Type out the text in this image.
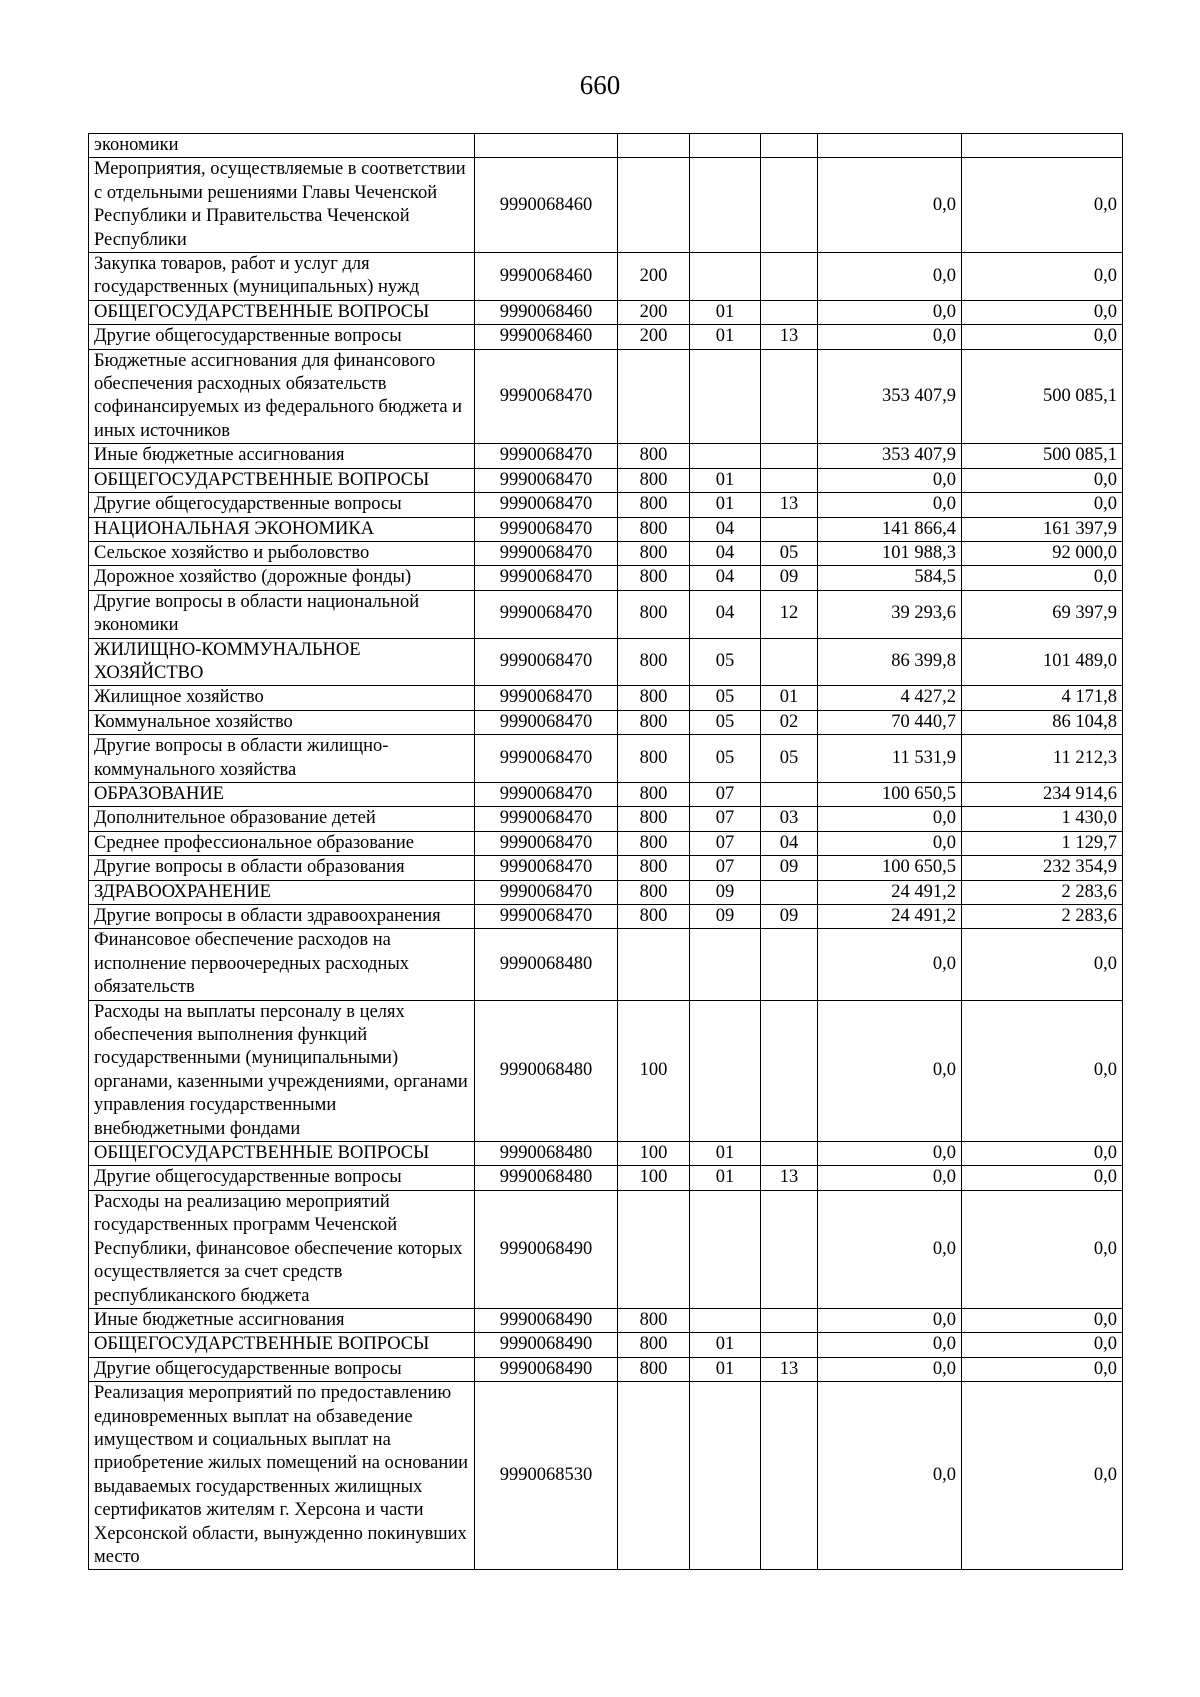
660
экономики						
Мероприятия, осуществляемые в соответствии с отдельными решениями Главы Чеченской Республики и Правительства Чеченской Республики	9990068460				0,0	0,0
Закупка товаров, работ и услуг для государственных (муниципальных) нужд	9990068460	200			0,0	0,0
ОБЩЕГОСУДАРСТВЕННЫЕ ВОПРОСЫ	9990068460	200	01		0,0	0,0
Другие общегосударственные вопросы	9990068460	200	01	13	0,0	0,0
Бюджетные ассигнования для финансового обеспечения расходных обязательств софинансируемых из федерального бюджета и иных источников	9990068470				353 407,9	500 085,1
Иные бюджетные ассигнования	9990068470	800			353 407,9	500 085,1
ОБЩЕГОСУДАРСТВЕННЫЕ ВОПРОСЫ	9990068470	800	01		0,0	0,0
Другие общегосударственные вопросы	9990068470	800	01	13	0,0	0,0
НАЦИОНАЛЬНАЯ ЭКОНОМИКА	9990068470	800	04		141 866,4	161 397,9
Сельское хозяйство и рыболовство	9990068470	800	04	05	101 988,3	92 000,0
Дорожное хозяйство (дорожные фонды)	9990068470	800	04	09	584,5	0,0
Другие вопросы в области национальной экономики	9990068470	800	04	12	39 293,6	69 397,9
ЖИЛИЩНО-КОММУНАЛЬНОЕ ХОЗЯЙСТВО	9990068470	800	05		86 399,8	101 489,0
Жилищное хозяйство	9990068470	800	05	01	4 427,2	4 171,8
Коммунальное хозяйство	9990068470	800	05	02	70 440,7	86 104,8
Другие вопросы в области жилищно-коммунального хозяйства	9990068470	800	05	05	11 531,9	11 212,3
ОБРАЗОВАНИЕ	9990068470	800	07		100 650,5	234 914,6
Дополнительное образование детей	9990068470	800	07	03	0,0	1 430,0
Среднее профессиональное образование	9990068470	800	07	04	0,0	1 129,7
Другие вопросы в области образования	9990068470	800	07	09	100 650,5	232 354,9
ЗДРАВООХРАНЕНИЕ	9990068470	800	09		24 491,2	2 283,6
Другие вопросы в области здравоохранения	9990068470	800	09	09	24 491,2	2 283,6
Финансовое обеспечение расходов на исполнение первоочередных расходных обязательств	9990068480				0,0	0,0
Расходы на выплаты персоналу в целях обеспечения выполнения функций государственными (муниципальными) органами, казенными учреждениями, органами управления государственными внебюджетными фондами	9990068480	100			0,0	0,0
ОБЩЕГОСУДАРСТВЕННЫЕ ВОПРОСЫ	9990068480	100	01		0,0	0,0
Другие общегосударственные вопросы	9990068480	100	01	13	0,0	0,0
Расходы на реализацию мероприятий государственных программ Чеченской Республики, финансовое обеспечение которых осуществляется за счет средств республиканского бюджета	9990068490				0,0	0,0
Иные бюджетные ассигнования	9990068490	800			0,0	0,0
ОБЩЕГОСУДАРСТВЕННЫЕ ВОПРОСЫ	9990068490	800	01		0,0	0,0
Другие общегосударственные вопросы	9990068490	800	01	13	0,0	0,0
Реализация мероприятий по предоставлению единовременных выплат на обзаведение имуществом и социальных выплат на приобретение жилых помещений на основании выдаваемых государственных жилищных сертификатов жителям г. Херсона и части Херсонской области, вынужденно покинувших место	9990068530				0,0	0,0
